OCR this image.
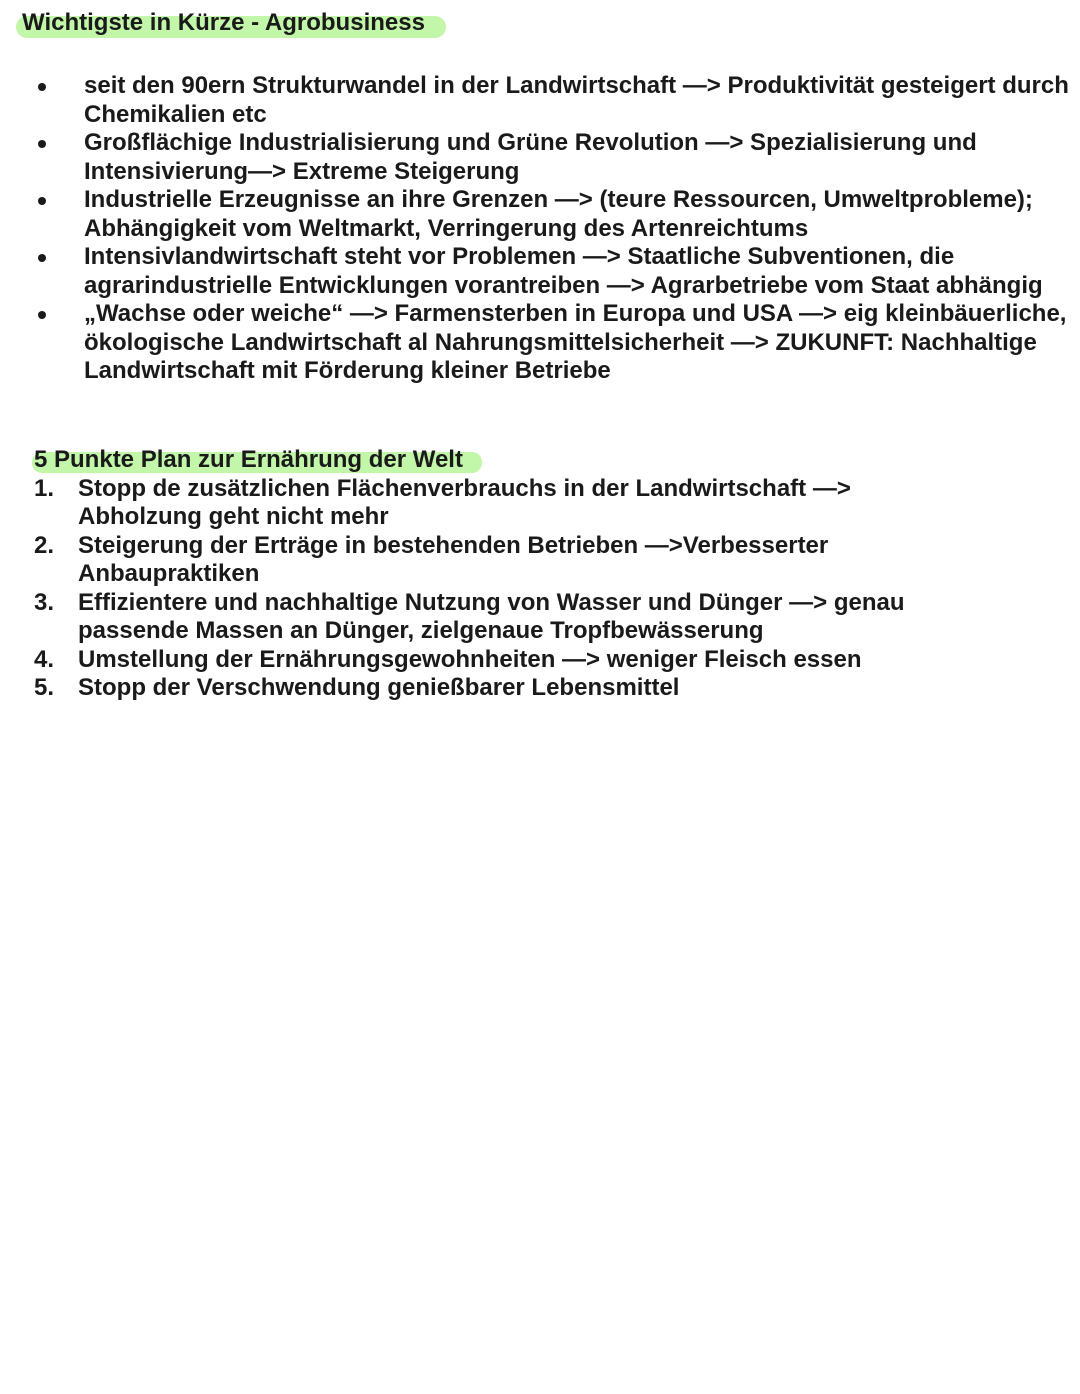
Wichtigste in Kürze - Agrobusiness
seit den 90ern Strukturwandel in der Landwirtschaft —> Produktivität gesteigert durch Chemikalien etc
Großflächige Industrialisierung und Grüne Revolution —> Spezialisierung und Intensivierung—> Extreme Steigerung
Industrielle Erzeugnisse an ihre Grenzen —> (teure Ressourcen, Umweltprobleme); Abhängigkeit vom Weltmarkt, Verringerung des Artenreichtums
Intensivlandwirtschaft steht vor Problemen —> Staatliche Subventionen, die agrarindustrielle Entwicklungen vorantreiben —> Agrarbetriebe vom Staat abhängig
„Wachse oder weiche“ —> Farmensterben in Europa und USA —> eig kleinbäuerliche, ökologische Landwirtschaft al Nahrungsmittelsicherheit —> ZUKUNFT: Nachhaltige Landwirtschaft mit Förderung kleiner Betriebe
5 Punkte Plan zur Ernährung der Welt
1. Stopp de zusätzlichen Flächenverbrauchs in der Landwirtschaft —> Abholzung geht nicht mehr
2. Steigerung der Erträge in bestehenden Betrieben —>Verbesserter Anbaupraktiken
3. Effizientere und nachhaltige Nutzung von Wasser und Dünger —> genau passende Massen an Dünger, zielgenaue Tropfbewässerung
4. Umstellung der Ernährungsgewohnheiten —> weniger Fleisch essen
5. Stopp der Verschwendung genießbarer Lebensmittel
